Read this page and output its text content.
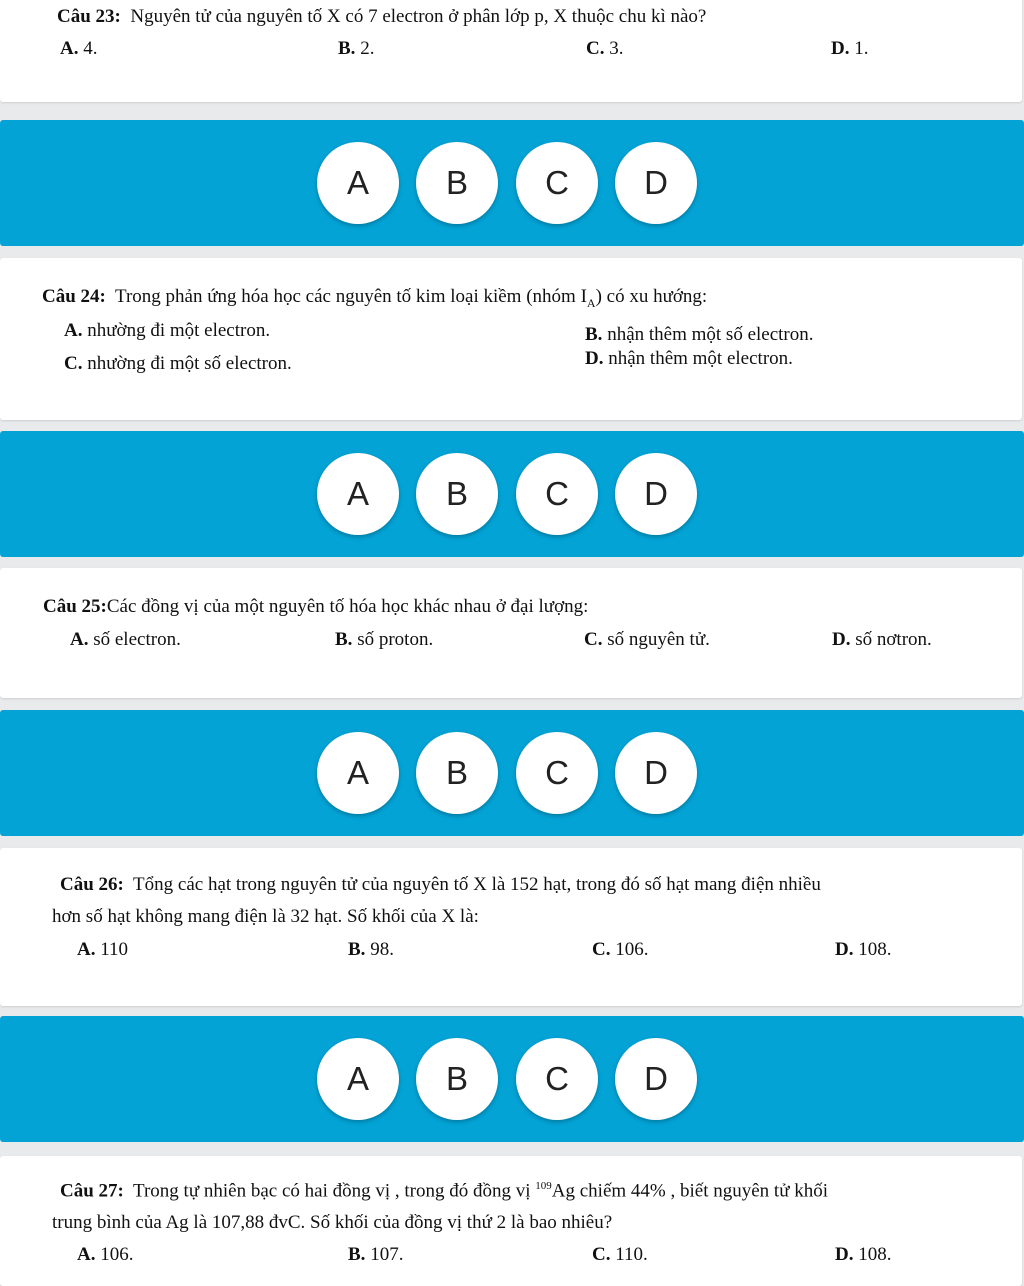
Câu 23: Nguyên tử của nguyên tố X có 7 electron ở phân lớp p, X thuộc chu kì nào?
A. 4.	B. 2.	C. 3.	D. 1.
A	B	C	D
Câu 24: Trong phản ứng hóa học các nguyên tố kim loại kiềm (nhóm $I_A$) có xu hướng:
A. nhường đi một electron.	B. nhận thêm một số electron.
C. nhường đi một số electron.	D. nhận thêm một electron.
A	B	C	D
Câu 25:Các đồng vị của một nguyên tố hóa học khác nhau ở đại lượng:
A. số electron.	B. số proton.	C. số nguyên tử.	D. số nơtron.
A	B	C	D
Câu 26: Tổng các hạt trong nguyên tử của nguyên tố X là 152 hạt, trong đó số hạt mang điện nhiều
hơn số hạt không mang điện là 32 hạt. Số khối của X là:
A. 110	B. 98.	C. 106.	D. 108.
A	B	C	D
Câu 27: Trong tự nhiên bạc có hai đồng vị , trong đó đồng vị $^{109}$Ag chiếm 44% , biết nguyên tử khối
trung bình của Ag là 107,88 đvC. Số khối của đồng vị thứ 2 là bao nhiêu?
A. 106.	B. 107.	C. 110.	D. 108.
